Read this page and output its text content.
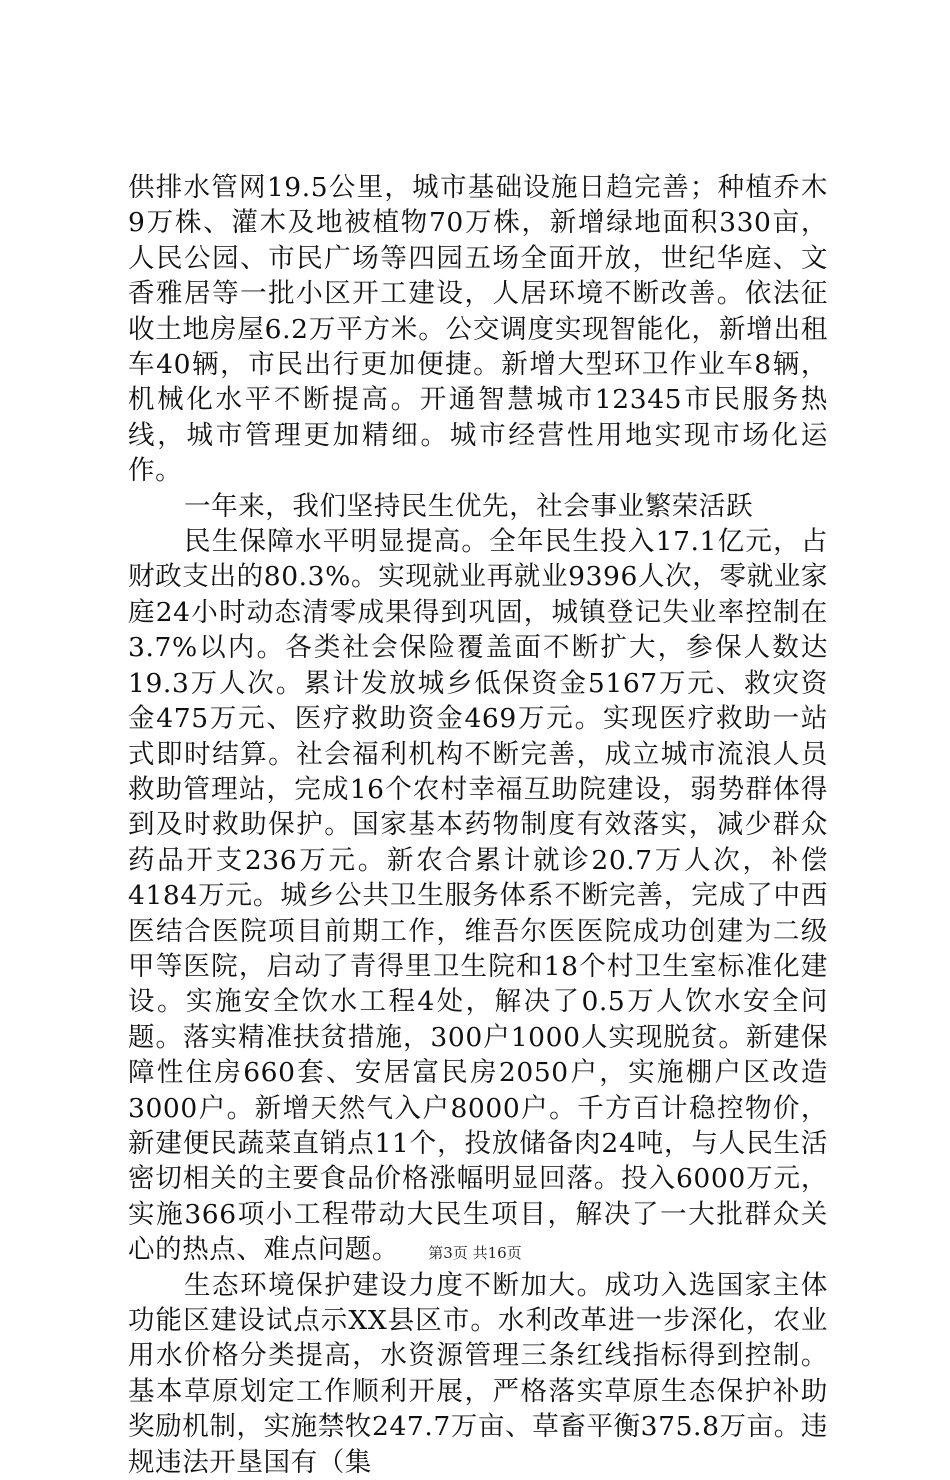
供排水管网19.5公里，城市基础设施日趋完善；种植乔木9万株、灌木及地被植物70万株，新增绿地面积330亩，人民公园、市民广场等四园五场全面开放，世纪华庭、文香雅居等一批小区开工建设，人居环境不断改善。依法征收土地房屋6.2万平方米。公交调度实现智能化，新增出租车40辆，市民出行更加便捷。新增大型环卫作业车8辆，机械化水平不断提高。开通智慧城市12345市民服务热线，城市管理更加精细。城市经营性用地实现市场化运作。

一年来，我们坚持民生优先，社会事业繁荣活跃

民生保障水平明显提高。全年民生投入17.1亿元，占财政支出的80.3%。实现就业再就业9396人次，零就业家庭24小时动态清零成果得到巩固，城镇登记失业率控制在3.7%以内。各类社会保险覆盖面不断扩大，参保人数达19.3万人次。累计发放城乡低保资金5167万元、救灾资金475万元、医疗救助资金469万元。实现医疗救助一站式即时结算。社会福利机构不断完善，成立城市流浪人员救助管理站，完成16个农村幸福互助院建设，弱势群体得到及时救助保护。国家基本药物制度有效落实，减少群众药品开支236万元。新农合累计就诊20.7万人次，补偿4184万元。城乡公共卫生服务体系不断完善，完成了中西医结合医院项目前期工作，维吾尔医医院成功创建为二级甲等医院，启动了青得里卫生院和18个村卫生室标准化建设。实施安全饮水工程4处，解决了0.5万人饮水安全问题。落实精准扶贫措施，300户1000人实现脱贫。新建保障性住房660套、安居富民房2050户，实施棚户区改造3000户。新增天然气入户8000户。千方百计稳控物价，新建便民蔬菜直销点11个，投放储备肉24吨，与人民生活密切相关的主要食品价格涨幅明显回落。投入6000万元，实施366项小工程带动大民生项目，解决了一大批群众关心的热点、难点问题。

生态环境保护建设力度不断加大。成功入选国家主体功能区建设试点示XX县区市。水利改革进一步深化，农业用水价格分类提高，水资源管理三条红线指标得到控制。基本草原划定工作顺利开展，严格落实草原生态保护补助奖励机制，实施禁牧247.7万亩、草畜平衡375.8万亩。违规违法开垦国有（集

第3页 共16页
